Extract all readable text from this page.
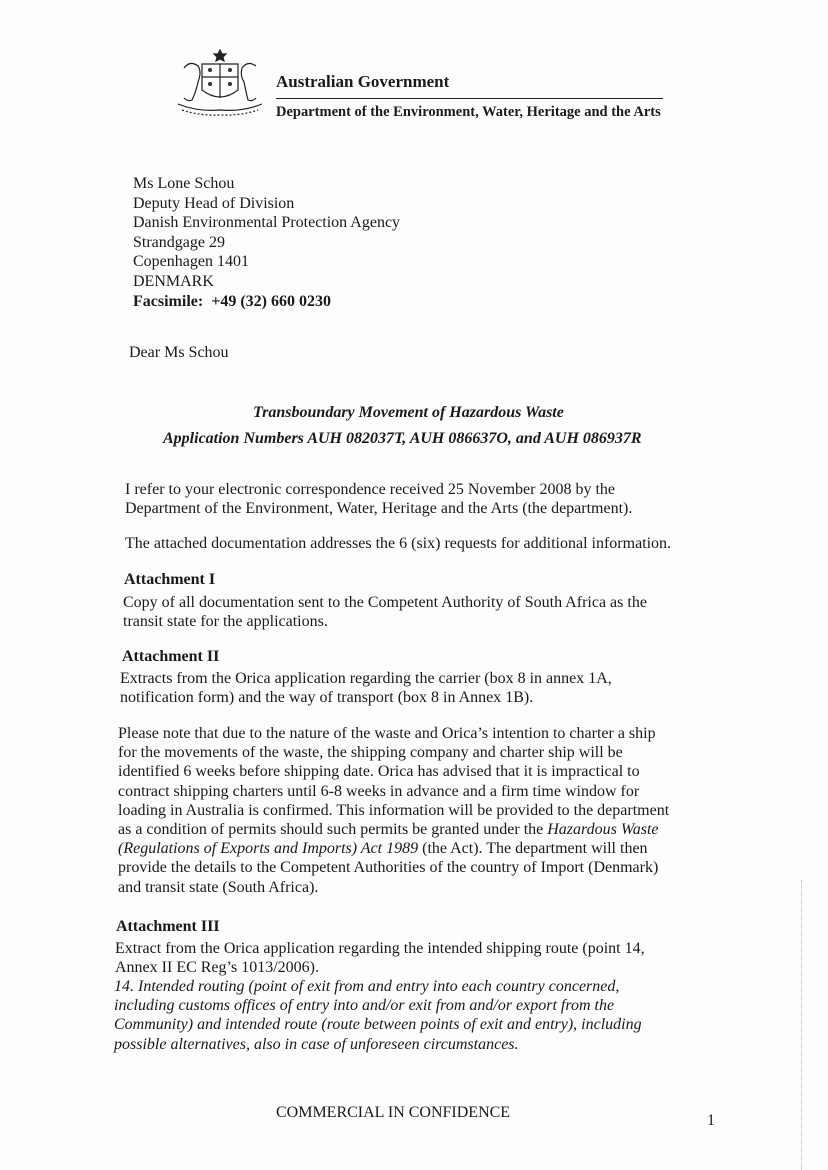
Australian Government
Department of the Environment, Water, Heritage and the Arts
Ms Lone Schou
Deputy Head of Division
Danish Environmental Protection Agency
Strandgage 29
Copenhagen 1401
DENMARK
Facsimile: +49 (32) 660 0230
Dear Ms Schou
Transboundary Movement of Hazardous Waste
Application Numbers AUH 082037T, AUH 086637O, and AUH 086937R
I refer to your electronic correspondence received 25 November 2008 by the
Department of the Environment, Water, Heritage and the Arts (the department).
The attached documentation addresses the 6 (six) requests for additional information.
Attachment I
Copy of all documentation sent to the Competent Authority of South Africa as the
transit state for the applications.
Attachment II
Extracts from the Orica application regarding the carrier (box 8 in annex 1A,
notification form) and the way of transport (box 8 in Annex 1B).
Please note that due to the nature of the waste and Orica’s intention to charter a ship
for the movements of the waste, the shipping company and charter ship will be
identified 6 weeks before shipping date. Orica has advised that it is impractical to
contract shipping charters until 6-8 weeks in advance and a firm time window for
loading in Australia is confirmed. This information will be provided to the department
as a condition of permits should such permits be granted under the Hazardous Waste
(Regulations of Exports and Imports) Act 1989 (the Act). The department will then
provide the details to the Competent Authorities of the country of Import (Denmark)
and transit state (South Africa).
Attachment III
Extract from the Orica application regarding the intended shipping route (point 14,
Annex II EC Reg’s 1013/2006).
14. Intended routing (point of exit from and entry into each country concerned,
including customs offices of entry into and/or exit from and/or export from the
Community) and intended route (route between points of exit and entry), including
possible alternatives, also in case of unforeseen circumstances.
COMMERCIAL IN CONFIDENCE	1
